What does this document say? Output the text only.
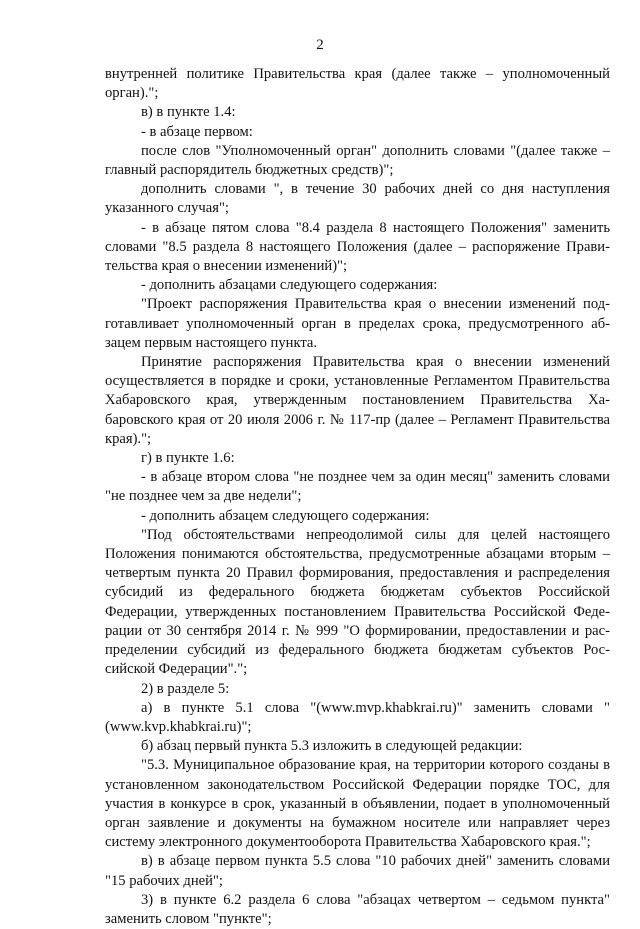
2

внутренней политике Правительства края (далее также – уполномоченный орган).";

в) в пункте 1.4:

- в абзаце первом:

после слов "Уполномоченный орган" дополнить словами "(далее также – главный распорядитель бюджетных средств)";

дополнить словами ", в течение 30 рабочих дней со дня наступления указанного случая";

- в абзаце пятом слова "8.4 раздела 8 настоящего Положения" заменить словами "8.5 раздела 8 настоящего Положения (далее – распоряжение Правительства края о внесении изменений)";

- дополнить абзацами следующего содержания:

"Проект распоряжения Правительства края о внесении изменений подготавливает уполномоченный орган в пределах срока, предусмотренного абзацем первым настоящего пункта.

Принятие распоряжения Правительства края о внесении изменений осуществляется в порядке и сроки, установленные Регламентом Правительства Хабаровского края, утвержденным постановлением Правительства Хабаровского края от 20 июля 2006 г. № 117-пр (далее – Регламент Правительства края).";

г) в пункте 1.6:

- в абзаце втором слова "не позднее чем за один месяц" заменить словами "не позднее чем за две недели";

- дополнить абзацем следующего содержания:

"Под обстоятельствами непреодолимой силы для целей настоящего Положения понимаются обстоятельства, предусмотренные абзацами вторым – четвертым пункта 20 Правил формирования, предоставления и распределения субсидий из федерального бюджета бюджетам субъектов Российской Федерации, утвержденных постановлением Правительства Российской Федерации от 30 сентября 2014 г. № 999 "О формировании, предоставлении и распределении субсидий из федерального бюджета бюджетам субъектов Российской Федерации".";

2) в разделе 5:

а) в пункте 5.1 слова "(www.mvp.khabkrai.ru)" заменить словами "(www.kvp.khabkrai.ru)";

б) абзац первый пункта 5.3 изложить в следующей редакции:

"5.3. Муниципальное образование края, на территории которого созданы в установленном законодательством Российской Федерации порядке ТОС, для участия в конкурсе в срок, указанный в объявлении, подает в уполномоченный орган заявление и документы на бумажном носителе или направляет через систему электронного документооборота Правительства Хабаровского края.";

в) в абзаце первом пункта 5.5 слова "10 рабочих дней" заменить словами "15 рабочих дней";

3) в пункте 6.2 раздела 6 слова "абзацах четвертом – седьмом пункта" заменить словом "пункте";
